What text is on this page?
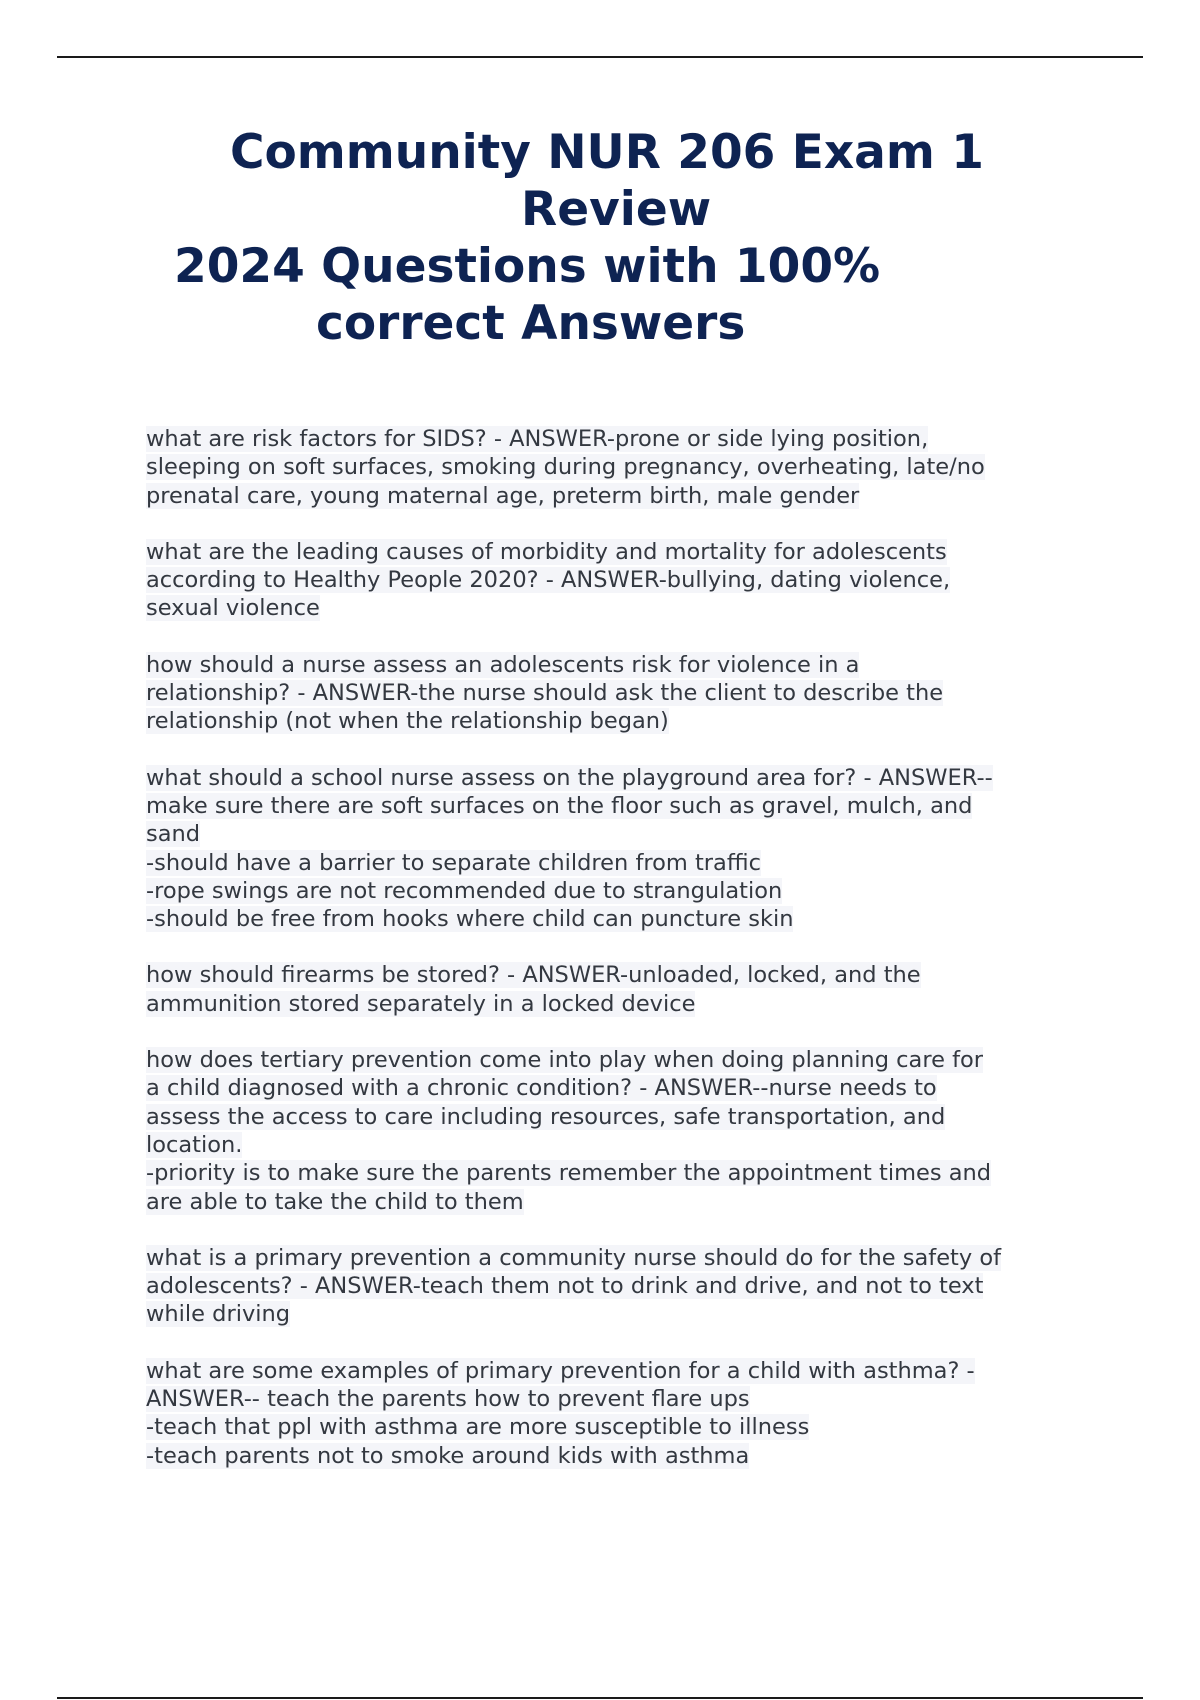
Community NUR 206 Exam 1
Review
2024 Questions with 100%
correct Answers
what are risk factors for SIDS? - ANSWER-prone or side lying position,
sleeping on soft surfaces, smoking during pregnancy, overheating, late/no
prenatal care, young maternal age, preterm birth, male gender
what are the leading causes of morbidity and mortality for adolescents
according to Healthy People 2020? - ANSWER-bullying, dating violence,
sexual violence
how should a nurse assess an adolescents risk for violence in a
relationship? - ANSWER-the nurse should ask the client to describe the
relationship (not when the relationship began)
what should a school nurse assess on the playground area for? - ANSWER--
make sure there are soft surfaces on the floor such as gravel, mulch, and
sand
-should have a barrier to separate children from traffic
-rope swings are not recommended due to strangulation
-should be free from hooks where child can puncture skin
how should firearms be stored? - ANSWER-unloaded, locked, and the
ammunition stored separately in a locked device
how does tertiary prevention come into play when doing planning care for
a child diagnosed with a chronic condition? - ANSWER--nurse needs to
assess the access to care including resources, safe transportation, and
location.
-priority is to make sure the parents remember the appointment times and
are able to take the child to them
what is a primary prevention a community nurse should do for the safety of
adolescents? - ANSWER-teach them not to drink and drive, and not to text
while driving
what are some examples of primary prevention for a child with asthma? -
ANSWER-- teach the parents how to prevent flare ups
-teach that ppl with asthma are more susceptible to illness
-teach parents not to smoke around kids with asthma
